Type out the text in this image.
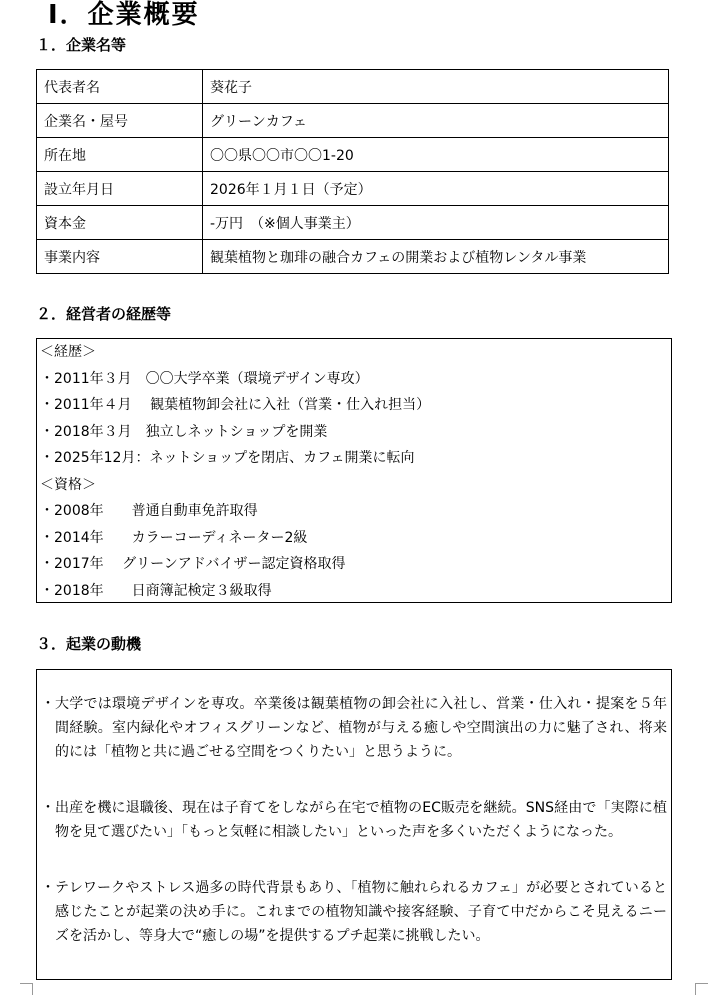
Ⅰ．企業概要
１．企業名等
代表者名	葵花子
企業名・屋号	グリーンカフェ
所在地	〇〇県〇〇市〇〇1-20
設立年月日	2026年１月１日（予定）
資本金	-万円　（※個人事業主）
事業内容	観葉植物と珈琲の融合カフェの開業および植物レンタル事業
２．経営者の経歴等
＜経歴＞
・2011年３月　〇〇大学卒業（環境デザイン専攻）
・2011年４月　 観葉植物卸会社に入社（営業・仕入れ担当）
・2018年３月　独立しネットショップを開業
・2025年12月：ネットショップを閉店、カフェ開業に転向
＜資格＞
・2008年　　普通自動車免許取得
・2014年　　カラーコーディネーター2級
・2017年　 グリーンアドバイザー認定資格取得
・2018年　　日商簿記検定３級取得
３．起業の動機
・ 大学では環境デザインを専攻。卒業後は観葉植物の卸会社に入社し、営業・仕入れ・提案を５年間経験。室内緑化やオフィスグリーンなど、植物が与える癒しや空間演出の力に魅了され、将来的には「植物と共に過ごせる空間をつくりたい」と思うように。
・ 出産を機に退職後、現在は子育てをしながら在宅で植物のEC販売を継続。SNS経由で「実際に植物を見て選びたい」「もっと気軽に相談したい」といった声を多くいただくようになった。
・ テレワークやストレス過多の時代背景もあり、「植物に触れられるカフェ」が必要とされていると感じたことが起業の決め手に。これまでの植物知識や接客経験、子育て中だからこそ見えるニーズを活かし、等身大で“癒しの場”を提供するプチ起業に挑戦したい。
